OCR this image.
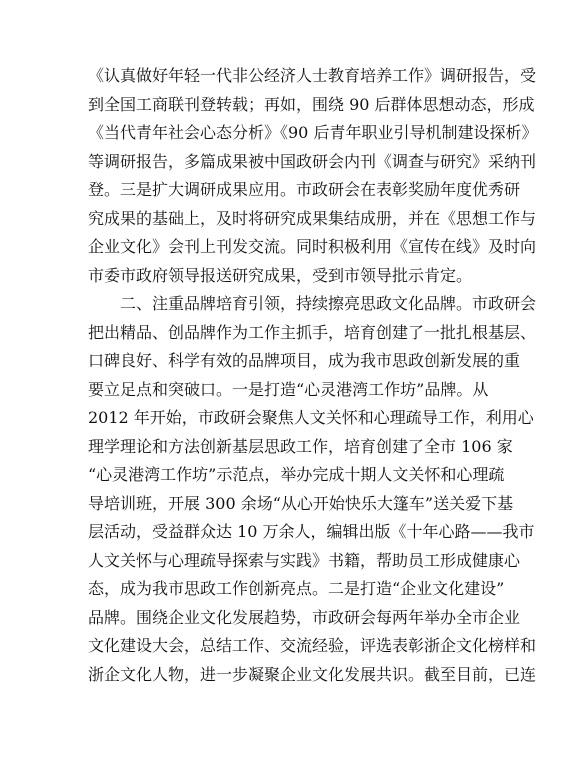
《认真做好年轻一代非公经济人士教育培养工作》调研报告，受
到全国工商联刊登转载；再如，围绕 90 后群体思想动态，形成
《当代青年社会心态分析》《90 后青年职业引导机制建设探析》
等调研报告，多篇成果被中国政研会内刊《调查与研究》采纳刊
登。三是扩大调研成果应用。市政研会在表彰奖励年度优秀研
究成果的基础上，及时将研究成果集结成册，并在《思想工作与
企业文化》会刊上刊发交流。同时积极利用《宣传在线》及时向
市委市政府领导报送研究成果，受到市领导批示肯定。
二、注重品牌培育引领，持续擦亮思政文化品牌。市政研会
把出精品、创品牌作为工作主抓手，培育创建了一批扎根基层、
口碑良好、科学有效的品牌项目，成为我市思政创新发展的重
要立足点和突破口。一是打造“心灵港湾工作坊”品牌。从
2012 年开始，市政研会聚焦人文关怀和心理疏导工作，利用心
理学理论和方法创新基层思政工作，培育创建了全市 106 家
“心灵港湾工作坊”示范点，举办完成十期人文关怀和心理疏
导培训班，开展 300 余场“从心开始快乐大篷车”送关爱下基
层活动，受益群众达 10 万余人，编辑出版《十年心路——我市
人文关怀与心理疏导探索与实践》书籍，帮助员工形成健康心
态，成为我市思政工作创新亮点。二是打造“企业文化建设”
品牌。围绕企业文化发展趋势，市政研会每两年举办全市企业
文化建设大会，总结工作、交流经验，评选表彰浙企文化榜样和
浙企文化人物，进一步凝聚企业文化发展共识。截至目前，已连
